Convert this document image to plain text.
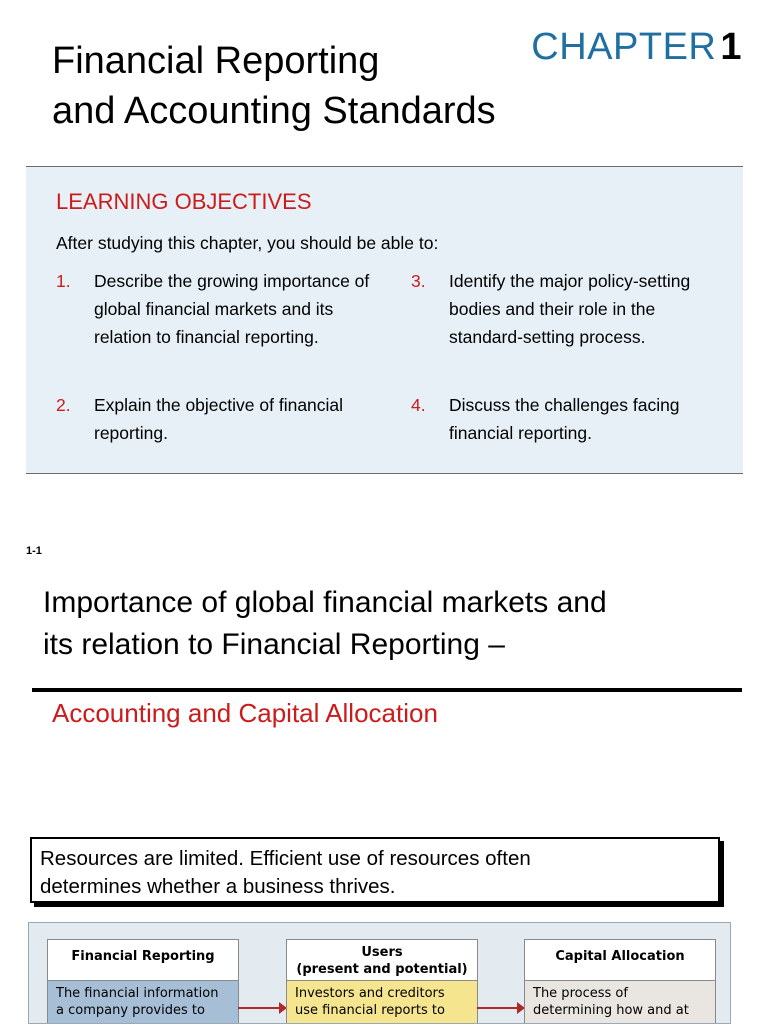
Financial Reporting
and Accounting Standards
CHAPTER 1
LEARNING OBJECTIVES
After studying this chapter, you should be able to:
1.	Describe the growing importance of global financial markets and its relation to financial reporting.
2.	Explain the objective of financial reporting.
3.	Identify the major policy-setting bodies and their role in the standard-setting process.
4.	Discuss the challenges facing financial reporting.
1-1
Importance of global financial markets and
its relation to Financial Reporting –
Accounting and Capital Allocation
Resources are limited. Efficient use of resources often
determines whether a business thrives.
Financial Reporting
The financial information a company provides to
Users
(present and potential)
Investors and creditors use financial reports to
Capital Allocation
The process of determining how and at
